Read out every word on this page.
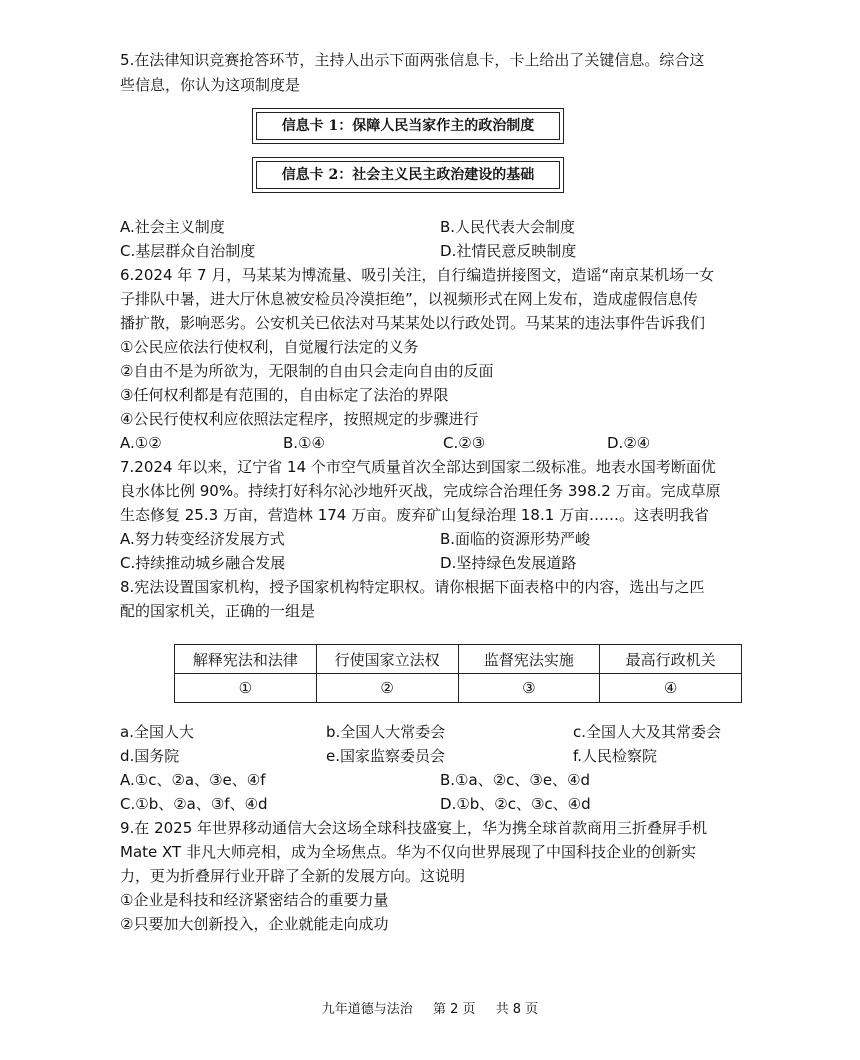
5.在法律知识竞赛抢答环节，主持人出示下面两张信息卡，卡上给出了关键信息。综合这
些信息，你认为这项制度是
信息卡 1：保障人民当家作主的政治制度
信息卡 2：社会主义民主政治建设的基础
A.社会主义制度	B.人民代表大会制度
C.基层群众自治制度	D.社情民意反映制度
6.2024 年 7 月，马某某为博流量、吸引关注，自行编造拼接图文，造谣“南京某机场一女
子排队中暑，进大厅休息被安检员冷漠拒绝”，以视频形式在网上发布，造成虚假信息传
播扩散，影响恶劣。公安机关已依法对马某某处以行政处罚。马某某的违法事件告诉我们
①公民应依法行使权利，自觉履行法定的义务
②自由不是为所欲为，无限制的自由只会走向自由的反面
③任何权利都是有范围的，自由标定了法治的界限
④公民行使权利应依照法定程序，按照规定的步骤进行
A.①②	B.①④	C.②③	D.②④
7.2024 年以来，辽宁省 14 个市空气质量首次全部达到国家二级标准。地表水国考断面优
良水体比例 90%。持续打好科尔沁沙地歼灭战，完成综合治理任务 398.2 万亩。完成草原
生态修复 25.3 万亩，营造林 174 万亩。废弃矿山复绿治理 18.1 万亩……。这表明我省
A.努力转变经济发展方式	B.面临的资源形势严峻
C.持续推动城乡融合发展	D.坚持绿色发展道路
8.宪法设置国家机构，授予国家机构特定职权。请你根据下面表格中的内容，选出与之匹
配的国家机关，正确的一组是
解释宪法和法律	行使国家立法权	监督宪法实施	最高行政机关
①	②	③	④
a.全国人大	b.全国人大常委会	c.全国人大及其常委会
d.国务院	e.国家监察委员会	f.人民检察院
A.①c、②a、③e、④f	B.①a、②c、③e、④d
C.①b、②a、③f、④d	D.①b、②c、③c、④d
9.在 2025 年世界移动通信大会这场全球科技盛宴上，华为携全球首款商用三折叠屏手机
Mate XT 非凡大师亮相，成为全场焦点。华为不仅向世界展现了中国科技企业的创新实
力，更为折叠屏行业开辟了全新的发展方向。这说明
①企业是科技和经济紧密结合的重要力量
②只要加大创新投入，企业就能走向成功
九年道德与法治 第 2 页 共 8 页
